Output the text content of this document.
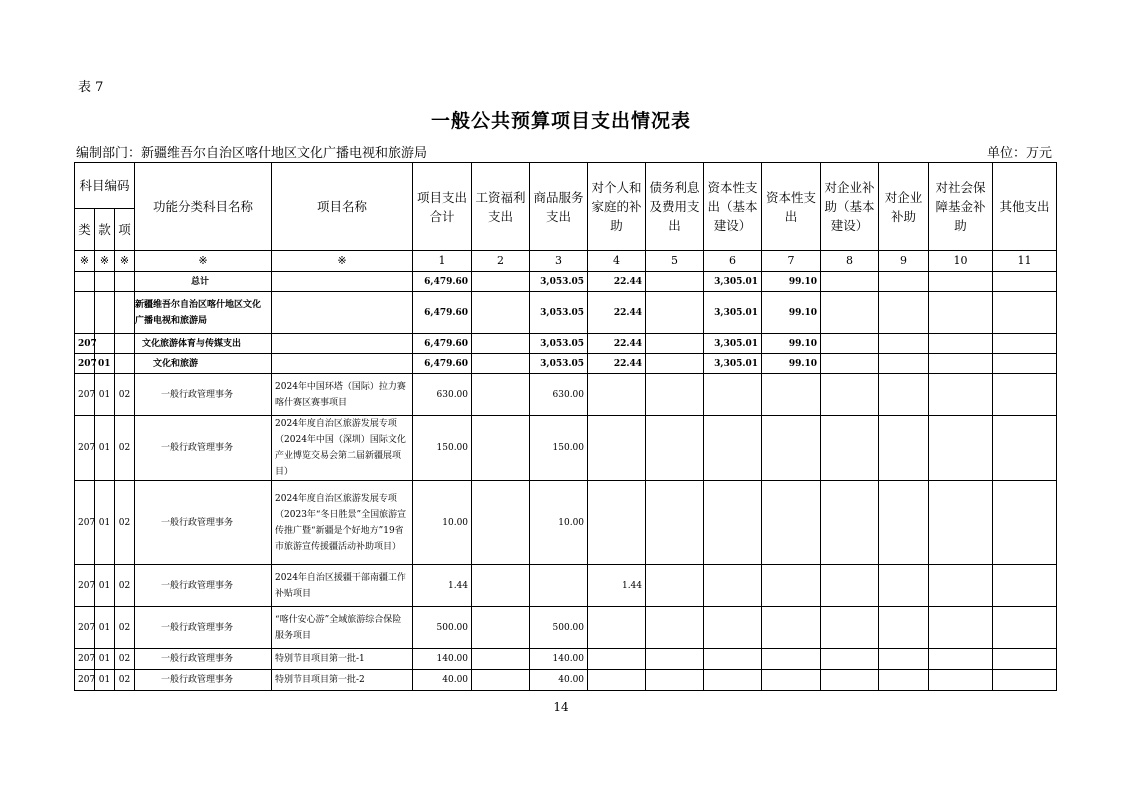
表 7
一般公共预算项目支出情况表
编制部门：新疆维吾尔自治区喀什地区文化广播电视和旅游局	单位：万元
科目编码			功能分类科目名称	项目名称	项目支出合计	工资福利支出	商品服务支出	对个人和家庭的补助	债务利息及费用支出	资本性支出（基本建设）	资本性支出	对企业补助（基本建设）	对企业补助	对社会保障基金补助	其他支出
类	款	项													
※	※	※	※	※	1	2	3	4	5	6	7	8	9	10	11
			总计		6,479.60		3,053.05	22.44		3,305.01	99.10				
			新疆维吾尔自治区喀什地区文化广播电视和旅游局		6,479.60		3,053.05	22.44		3,305.01	99.10				
207			文化旅游体育与传媒支出		6,479.60		3,053.05	22.44		3,305.01	99.10				
207	01		文化和旅游		6,479.60		3,053.05	22.44		3,305.01	99.10				
207	01	02	一般行政管理事务	2024年中国环塔（国际）拉力赛喀什赛区赛事项目	630.00		630.00								
207	01	02	一般行政管理事务	2024年度自治区旅游发展专项（2024年中国（深圳）国际文化产业博览交易会第二届新疆展项目）	150.00		150.00								
207	01	02	一般行政管理事务	2024年度自治区旅游发展专项（2023年“冬日胜景”全国旅游宣传推广暨“新疆是个好地方”19省市旅游宣传援疆活动补助项目）	10.00		10.00								
207	01	02	一般行政管理事务	2024年自治区援疆干部南疆工作补贴项目	1.44			1.44							
207	01	02	一般行政管理事务	“喀什安心游”全域旅游综合保险服务项目	500.00		500.00								
207	01	02	一般行政管理事务	特别节目项目第一批-1	140.00		140.00								
207	01	02	一般行政管理事务	特别节目项目第一批-2	40.00		40.00								
14
